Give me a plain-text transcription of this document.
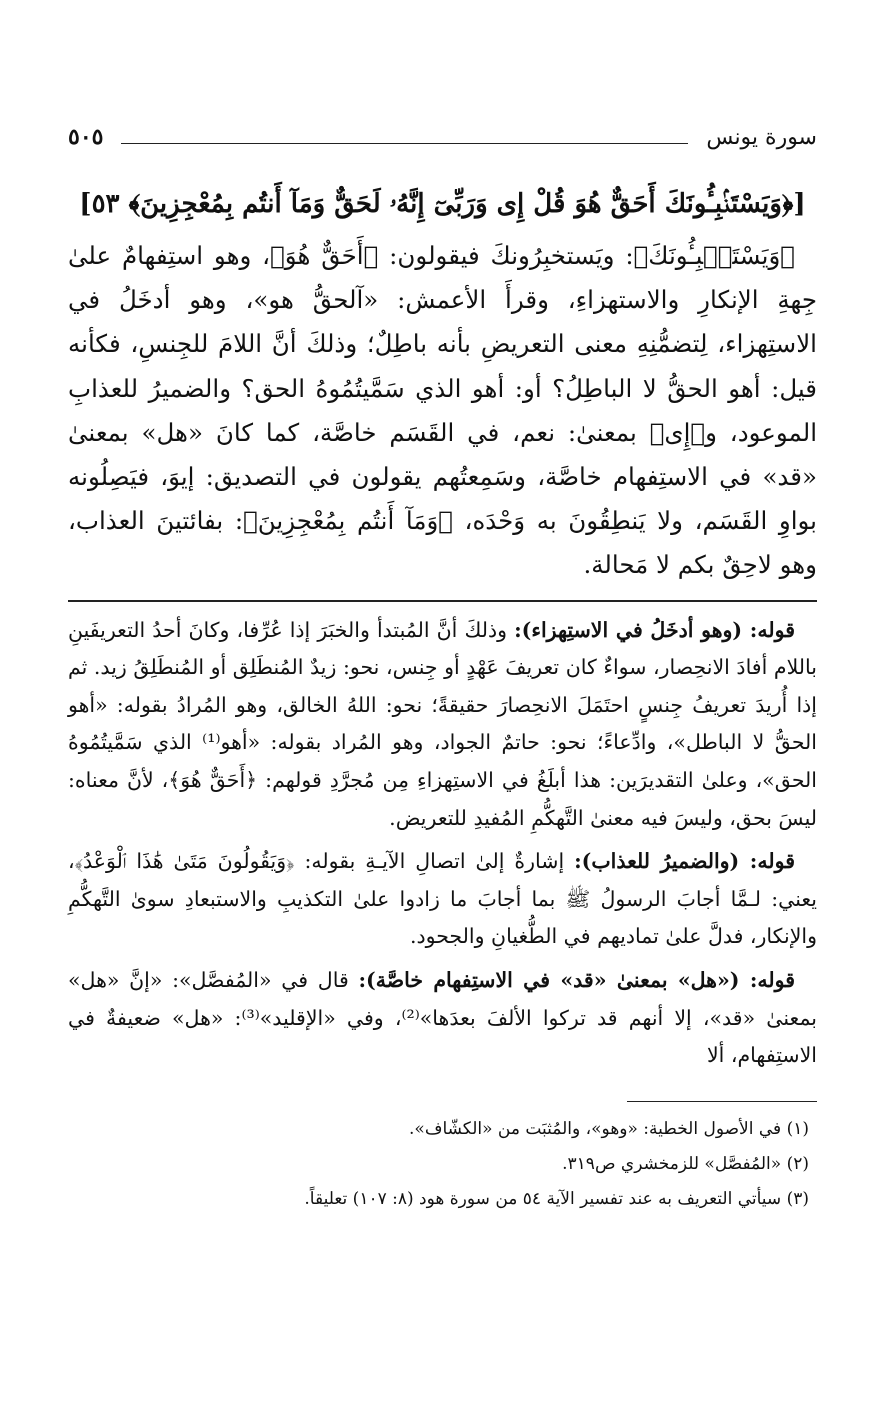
سورة يونس
٥٠٥
[﴿وَيَسْتَنۢبِـُٔونَكَ أَحَقٌّ هُوَ قُلْ إِى وَرَبِّىٓ إِنَّهُۥ لَحَقٌّ وَمَآ أَنتُم بِمُعْجِزِينَ﴾ ٥٣]

﴿وَيَسْتَنۢبِـُٔونَكَ﴾: ويَستخبِرُونكَ فيقولون: ﴿أَحَقٌّ هُوَ﴾، وهو استِفهامٌ علىٰ جِهةِ الإنكارِ والاستهزاءِ، وقرأَ الأعمش: «آلحقُّ هو»، وهو أدخَلُ في الاستِهزاء، لِتضمُّنِهِ معنى التعريضِ بأنه باطِلٌ؛ وذلكَ أنَّ اللامَ للجِنسِ، فكأنه قيل: أهو الحقُّ لا الباطِلُ؟ أو: أهو الذي سَمَّيتُمُوهُ الحق؟ والضميرُ للعذابِ الموعود، و﴿إِى﴾ بمعنىٰ: نعم، في القَسَم خاصَّة، كما كانَ «هل» بمعنىٰ «قد» في الاستِفهام خاصَّة، وسَمِعتُهم يقولون في التصديق: إيوَ، فيَصِلُونه بواوِ القَسَم، ولا يَنطِقُونَ به وَحْدَه، ﴿وَمَآ أَنتُم بِمُعْجِزِينَ﴾: بفائتينَ العذاب، وهو لاحِقٌ بكم لا مَحالة.

قوله: (وهو أدخَلُ في الاستِهزاء): وذلكَ أنَّ المُبتدأ والخبَرَ إذا عُرِّفا، وكانَ أحدُ التعريفَينِ باللام أفادَ الانحِصار، سواءٌ كان تعريفَ عَهْدٍ أو جِنس، نحو: زيدٌ المُنطَلِق أو المُنطَلِقُ زيد. ثم إذا أُريدَ تعريفُ جِنسٍ احتَمَلَ الانحِصارَ حقيقةً؛ نحو: اللهُ الخالق، وهو المُرادُ بقوله: «أهو الحقُّ لا الباطل»، وادِّعاءً؛ نحو: حاتمٌ الجواد، وهو المُراد بقوله: «أهو⁽¹⁾ الذي سَمَّيتُمُوهُ الحق»، وعلىٰ التقديرَين: هذا أبلَغُ في الاستِهزاءِ مِن مُجرَّدِ قولهم: ﴿أَحَقٌّ هُوَ﴾، لأنَّ معناه: ليسَ بحق، وليسَ فيه معنىٰ التَّهكُّمِ المُفيدِ للتعريض.

قوله: (والضميرُ للعذاب): إشارةٌ إلىٰ اتصالِ الآيـةِ بقوله: ﴿وَيَقُولُونَ مَتَىٰ هَٰذَا ٱلْوَعْدُ﴾، يعني: لـمَّا أجابَ الرسولُ ﷺ بما أجابَ ما زادوا علىٰ التكذيبِ والاستبعادِ سوىٰ التَّهكُّمِ والإنكار، فدلَّ علىٰ تماديهم في الطُّغيانِ والجحود.

قوله: («هل» بمعنىٰ «قد» في الاستِفهام خاصَّة): قال في «المُفصَّل»: «إنَّ «هل» بمعنىٰ «قد»، إلا أنهم قد تركوا الألفَ بعدَها»⁽²⁾، وفي «الإقليد»⁽³⁾: «هل» ضعيفةٌ في الاستِفهام، ألا

(١) في الأصول الخطية: «وهو»، والمُثبَت من «الكشّاف».
(٢) «المُفصَّل» للزمخشري ص٣١٩.
(٣) سيأتي التعريف به عند تفسير الآية ٥٤ من سورة هود (٨: ١٠٧) تعليقاً.
